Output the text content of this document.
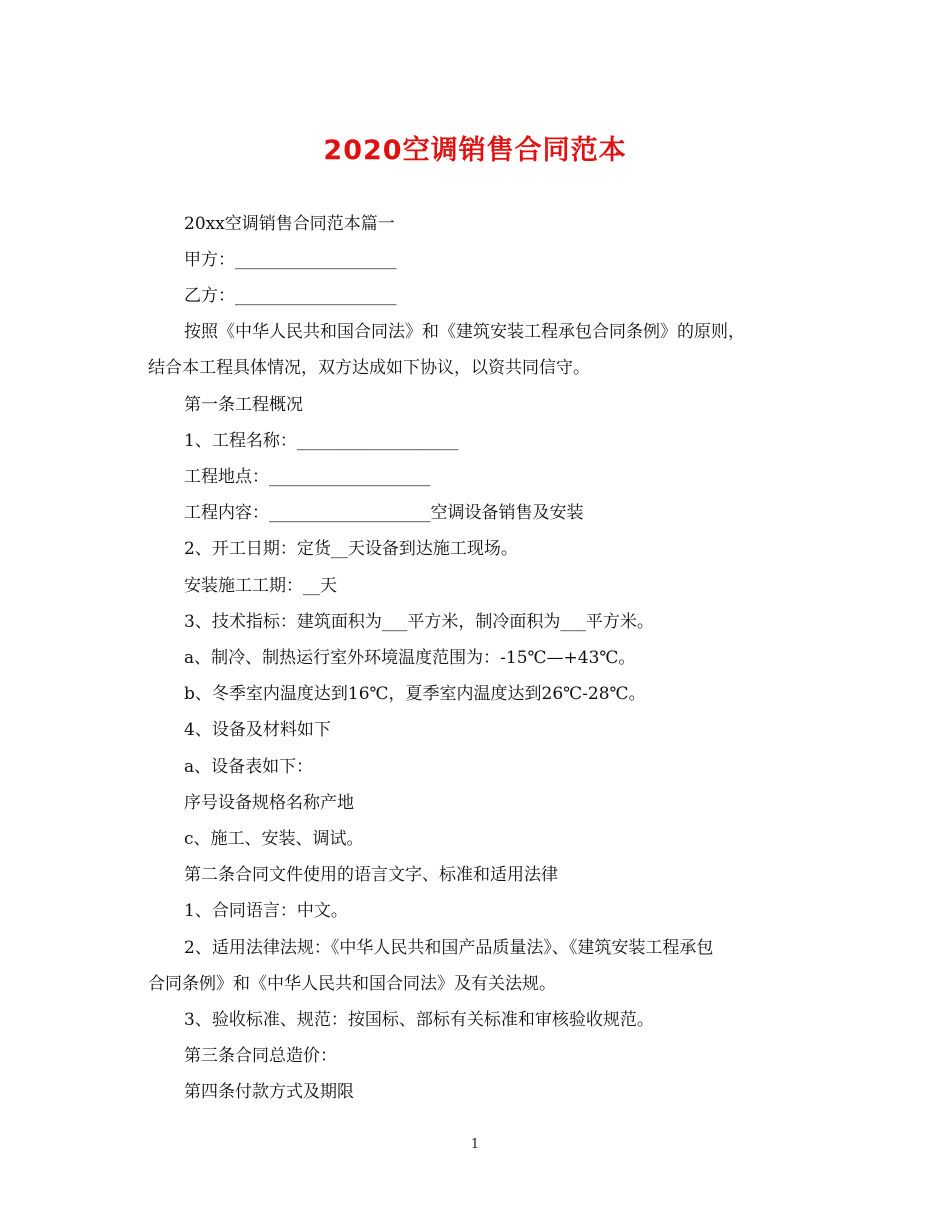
2020空调销售合同范本
20xx空调销售合同范本篇一
甲方：___________________
乙方：___________________
按照《中华人民共和国合同法》和《建筑安装工程承包合同条例》的原则，
结合本工程具体情况，双方达成如下协议，以资共同信守。
第一条工程概况
1、工程名称：___________________
工程地点：___________________
工程内容：___________________空调设备销售及安装
2、开工日期：定货__天设备到达施工现场。
安装施工工期：__天
3、技术指标：建筑面积为___平方米，制冷面积为___平方米。
a、制冷、制热运行室外环境温度范围为：-15℃—+43℃。
b、冬季室内温度达到16℃，夏季室内温度达到26℃-28℃。
4、设备及材料如下
a、设备表如下：
序号设备规格名称产地
c、施工、安装、调试。
第二条合同文件使用的语言文字、标准和适用法律
1、合同语言：中文。
2、适用法律法规：《中华人民共和国产品质量法》、《建筑安装工程承包
合同条例》和《中华人民共和国合同法》及有关法规。
3、验收标准、规范：按国标、部标有关标准和审核验收规范。
第三条合同总造价：
第四条付款方式及期限
1
